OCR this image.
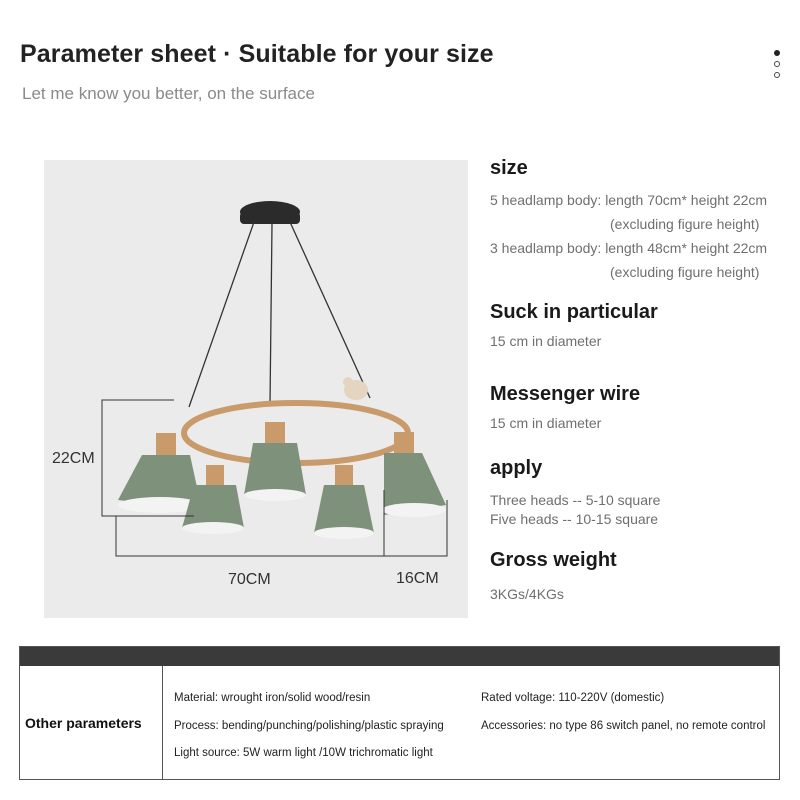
Parameter sheet · Suitable for your size
Let me know you better, on the surface
22CM
70CM	16CM
size
5 headlamp body: length 70cm* height 22cm
(excluding figure height)
3 headlamp body: length 48cm* height 22cm
(excluding figure height)
Suck in particular
15 cm in diameter
Messenger wire
15 cm in diameter
apply
Three heads -- 5-10 square
Five heads -- 10-15 square
Gross weight
3KGs/4KGs
Other parameters
Material: wrought iron/solid wood/resin	Rated voltage: 110-220V (domestic)
Process: bending/punching/polishing/plastic spraying	Accessories: no type 86 switch panel, no remote control
Light source: 5W warm light /10W trichromatic light
